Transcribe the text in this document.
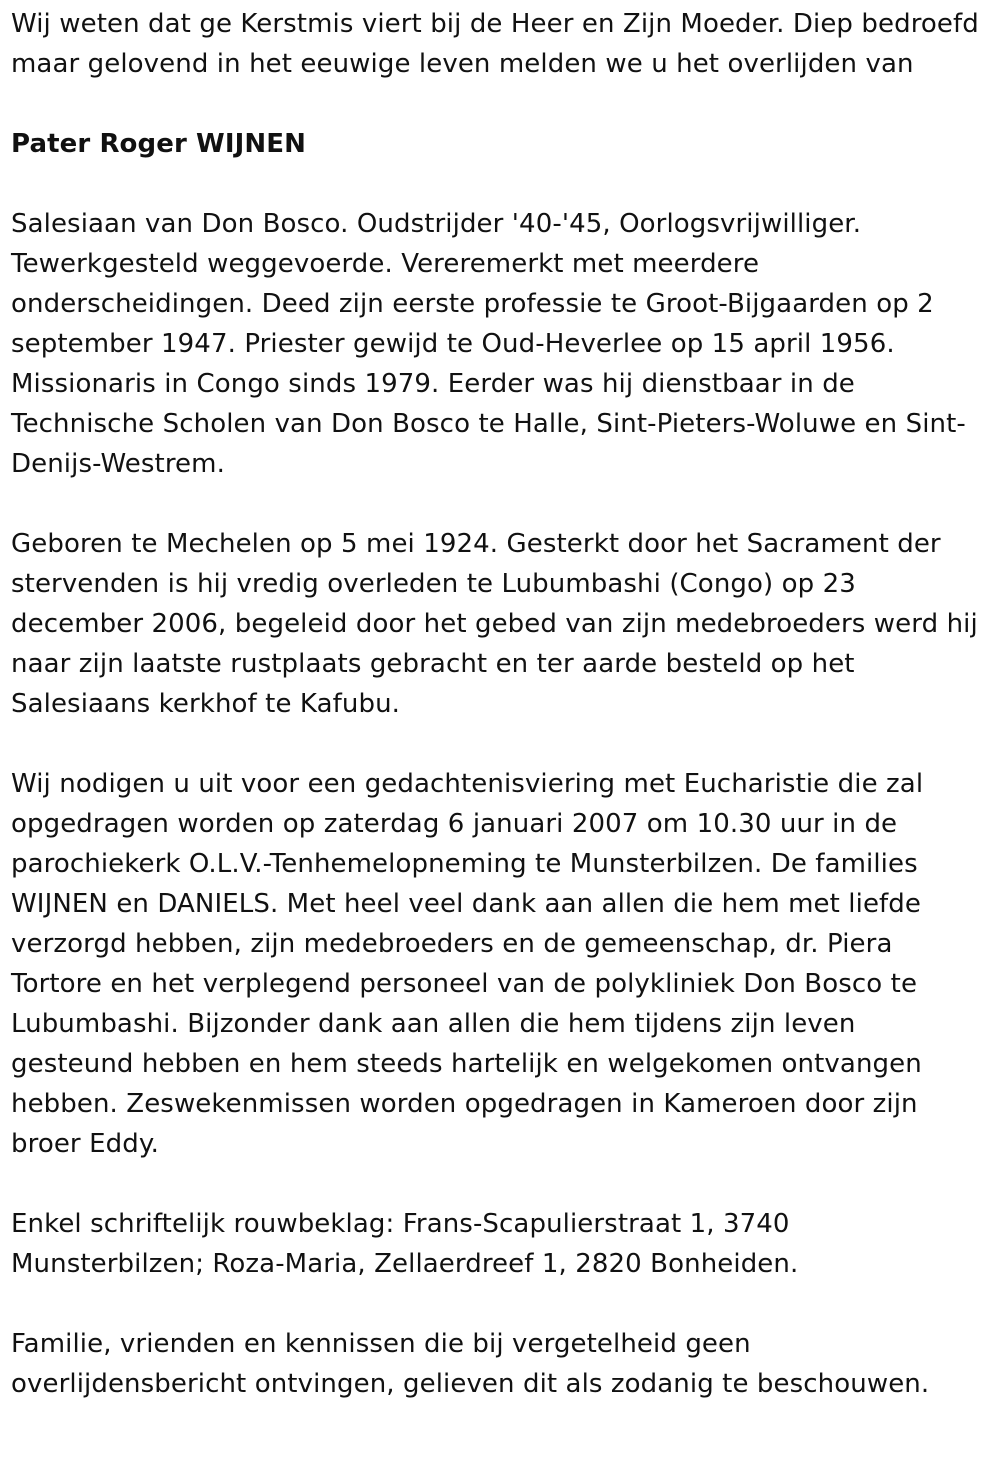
Wij weten dat ge Kerstmis viert bij de Heer en Zijn Moeder. Diep bedroefd maar gelovend in het eeuwige leven melden we u het overlijden van

Pater Roger WIJNEN

Salesiaan van Don Bosco. Oudstrijder '40-'45, Oorlogsvrijwilliger. Tewerkgesteld weggevoerde. Vereremerkt met meerdere onderscheidingen. Deed zijn eerste professie te Groot-Bijgaarden op 2 september 1947. Priester gewijd te Oud-Heverlee op 15 april 1956. Missionaris in Congo sinds 1979. Eerder was hij dienstbaar in de Technische Scholen van Don Bosco te Halle, Sint-Pieters-Woluwe en Sint-Denijs-Westrem.

Geboren te Mechelen op 5 mei 1924. Gesterkt door het Sacrament der stervenden is hij vredig overleden te Lubumbashi (Congo) op 23 december 2006, begeleid door het gebed van zijn medebroeders werd hij naar zijn laatste rustplaats gebracht en ter aarde besteld op het Salesiaans kerkhof te Kafubu.

Wij nodigen u uit voor een gedachtenisviering met Eucharistie die zal opgedragen worden op zaterdag 6 januari 2007 om 10.30 uur in de parochiekerk O.L.V.-Tenhemelopneming te Munsterbilzen. De families WIJNEN en DANIELS. Met heel veel dank aan allen die hem met liefde verzorgd hebben, zijn medebroeders en de gemeenschap, dr. Piera Tortore en het verplegend personeel van de polykliniek Don Bosco te Lubumbashi. Bijzonder dank aan allen die hem tijdens zijn leven gesteund hebben en hem steeds hartelijk en welgekomen ontvangen hebben. Zeswekenmissen worden opgedragen in Kameroen door zijn broer Eddy.

Enkel schriftelijk rouwbeklag: Frans-Scapulierstraat 1, 3740 Munsterbilzen; Roza-Maria, Zellaerdreef 1, 2820 Bonheiden.

Familie, vrienden en kennissen die bij vergetelheid geen overlijdensbericht ontvingen, gelieven dit als zodanig te beschouwen.
